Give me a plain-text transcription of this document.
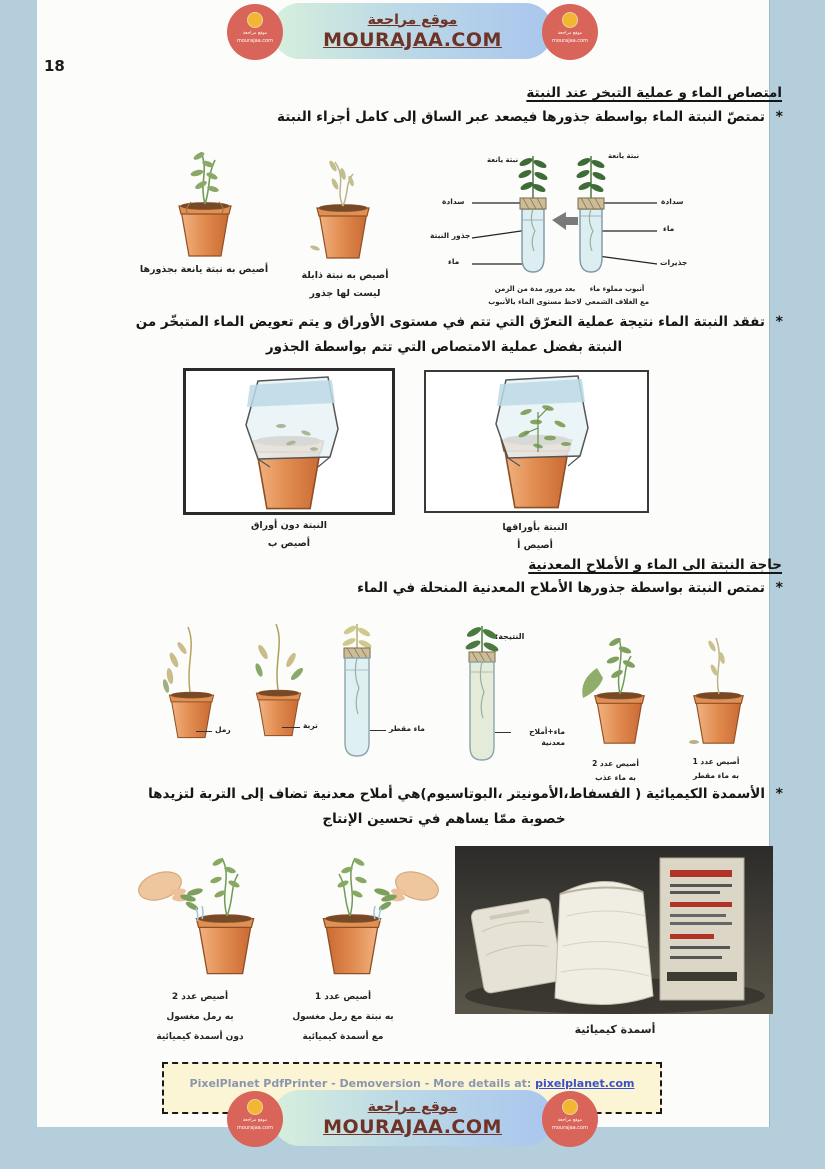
موقع مراجعة
MOURAJAA.COM
موقع مراجعة
mourajaa.com
موقع مراجعة
mourajaa.com
18
امتصاص الماء و عملية التبخر عند النبتة
* تمتصّ النبتة الماء بواسطة جذورها فيصعد عبر الساق إلى كامل أجزاء النبتة
أصيص به نبتة يانعة بجذورها
أصيص به نبتة ذابلة
ليست لها جذور
نبتة يانعة	نبتة يانعة
سدادة
جذور النبتة
ماء
سدادة
ماء
جذيرات
بعد مرور مدة من الزمن
لاحظ مستوى الماء بالأنبوب
أنبوب مملوء ماء
مع الغلاف الشمعي
* تفقد النبتة الماء نتيجة عملية التعرّق التي تتم في مستوى الأوراق و يتم تعويض الماء المتبخّر من
النبتة بفضل عملية الامتصاص التي تتم بواسطة الجذور
النبتة دون أوراق
أصيص ب
النبتة بأوراقها
أصيص أ
حاجة النبتة الى الماء و الأملاح المعدنية
* تمتص النبتة بواسطة جذورها الأملاح المعدنية المنحلة في الماء
رمل	تربة	ماء مقطر	ماء+أملاح معدنية
النتيجة:
أصيص عدد 2
به ماء عذب
أصيص عدد 1
به ماء مقطر
* الأسمدة الكيميائية ( الفسفاط،الأمونيتر ،البوتاسيوم)هي أملاح معدنية تضاف إلى التربة لتزيدها
خصوبة ممّا يساهم في تحسين الإنتاج
أصيص عدد 2
به رمل مغسول
دون أسمدة كيميائية
أصيص عدد 1
به نبتة مع رمل مغسول
مع أسمدة كيميائية
أسمدة كيميائية
PixelPlanet PdfPrinter - Demoversion - More details at: pixelplanet.com
موقع مراجعة
MOURAJAA.COM
موقع مراجعة
mourajaa.com
موقع مراجعة
mourajaa.com
